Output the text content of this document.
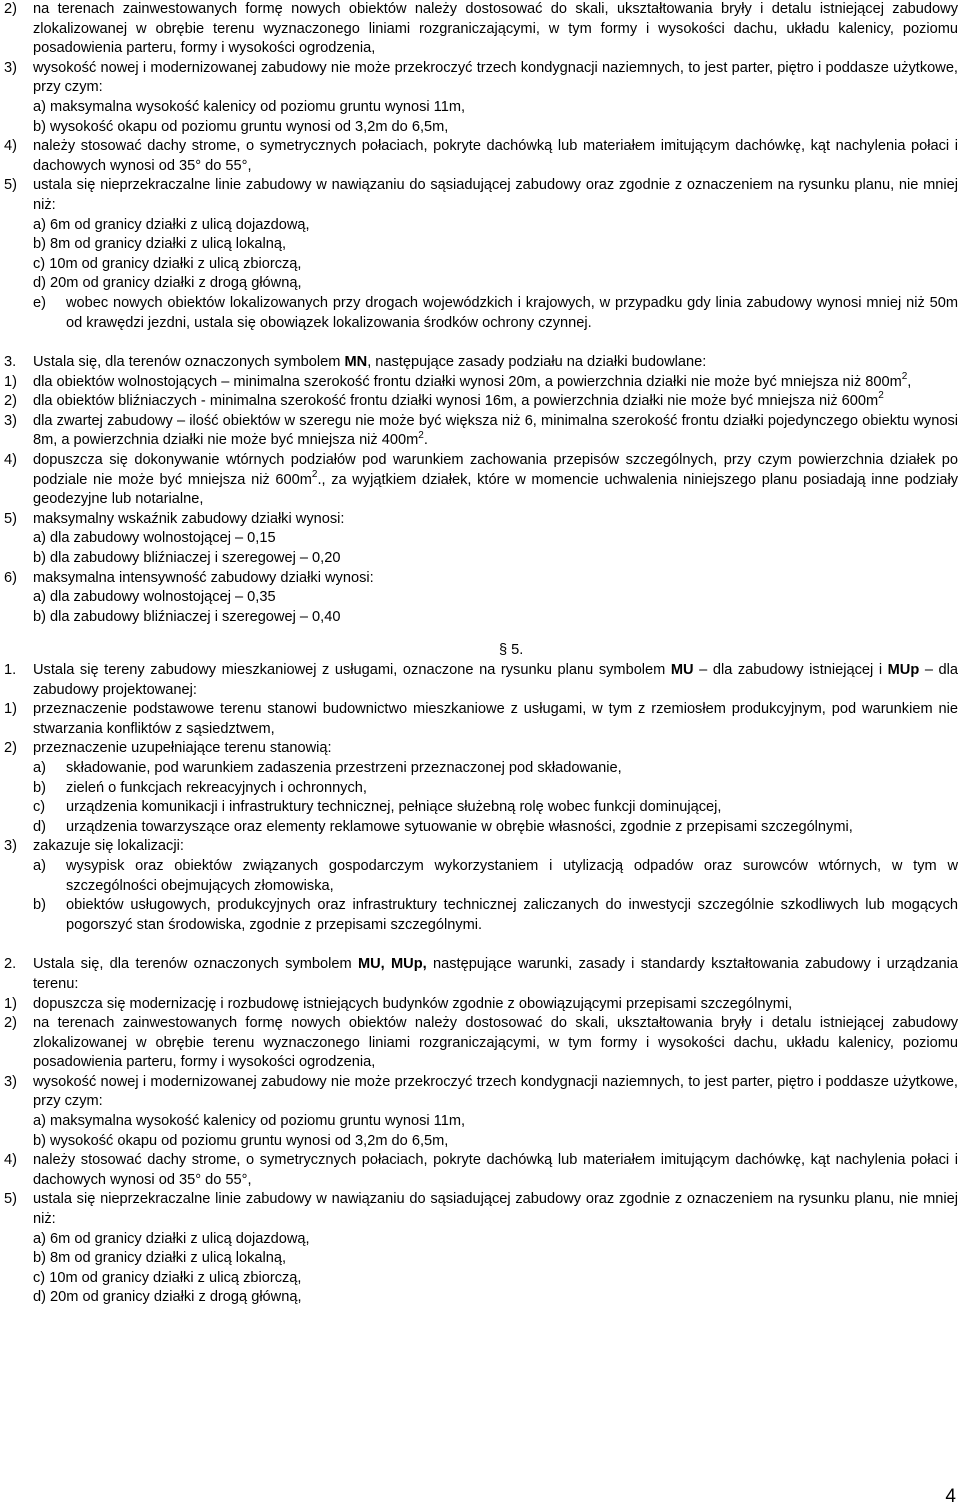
2) na terenach zainwestowanych formę nowych obiektów należy dostosować do skali, ukształtowania bryły i detalu istniejącej zabudowy zlokalizowanej w obrębie terenu wyznaczonego liniami rozgraniczającymi, w tym formy i wysokości dachu, układu kalenicy, poziomu posadowienia parteru, formy i wysokości ogrodzenia,

3) wysokość nowej i modernizowanej zabudowy nie może przekroczyć trzech kondygnacji naziemnych, to jest parter, piętro i poddasze użytkowe, przy czym:

a) maksymalna wysokość kalenicy od poziomu gruntu wynosi 11m,

b) wysokość okapu od poziomu gruntu wynosi od 3,2m do 6,5m,

4) należy stosować dachy strome, o symetrycznych połaciach, pokryte dachówką lub materiałem imitującym dachówkę, kąt nachylenia połaci i dachowych wynosi od 35° do 55°,

5) ustala się nieprzekraczalne linie zabudowy w nawiązaniu do sąsiadującej zabudowy oraz zgodnie z oznaczeniem na rysunku planu, nie mniej niż:

a) 6m od granicy działki z ulicą dojazdową,

b) 8m od granicy działki z ulicą lokalną,

c) 10m od granicy działki z ulicą zbiorczą,

d) 20m od granicy działki z drogą główną,

e) wobec nowych obiektów lokalizowanych przy drogach wojewódzkich i krajowych, w przypadku gdy linia zabudowy wynosi mniej niż 50m od krawędzi jezdni, ustala się obowiązek lokalizowania środków ochrony czynnej.

3. Ustala się, dla terenów oznaczonych symbolem MN, następujące zasady podziału na działki budowlane:

1) dla obiektów wolnostojących – minimalna szerokość frontu działki wynosi 20m, a powierzchnia działki nie może być mniejsza niż $800m^2$,

2) dla obiektów bliźniaczych - minimalna szerokość frontu działki wynosi 16m, a powierzchnia działki nie może być mniejsza niż $600m^2$

3) dla zwartej zabudowy – ilość obiektów w szeregu nie może być większa niż 6, minimalna szerokość frontu działki pojedynczego obiektu wynosi 8m, a powierzchnia działki nie może być mniejsza niż $400m^2$.

4) dopuszcza się dokonywanie wtórnych podziałów pod warunkiem zachowania przepisów szczególnych, przy czym powierzchnia działek po podziale nie może być mniejsza niż $600m^2$., za wyjątkiem działek, które w momencie uchwalenia niniejszego planu posiadają inne podziały geodezyjne lub notarialne,

5) maksymalny wskaźnik zabudowy działki wynosi:

a) dla zabudowy wolnostojącej – 0,15

b) dla zabudowy bliźniaczej i szeregowej – 0,20

6) maksymalna intensywność zabudowy działki wynosi:

a) dla zabudowy wolnostojącej – 0,35

b) dla zabudowy bliźniaczej i szeregowej – 0,40

§ 5.

1. Ustala się tereny zabudowy mieszkaniowej z usługami, oznaczone na rysunku planu symbolem MU – dla zabudowy istniejącej i MUp – dla zabudowy projektowanej:

1) przeznaczenie podstawowe terenu stanowi budownictwo mieszkaniowe z usługami, w tym z rzemiosłem produkcyjnym, pod warunkiem nie stwarzania konfliktów z sąsiedztwem,

2) przeznaczenie uzupełniające terenu stanowią:

a) składowanie, pod warunkiem zadaszenia przestrzeni przeznaczonej pod składowanie,

b) zieleń o funkcjach rekreacyjnych i ochronnych,

c) urządzenia komunikacji i infrastruktury technicznej, pełniące służebną rolę wobec funkcji dominującej,

d) urządzenia towarzyszące oraz elementy reklamowe sytuowanie w obrębie własności, zgodnie z przepisami szczególnymi,

3) zakazuje się lokalizacji:

a) wysypisk oraz obiektów związanych gospodarczym wykorzystaniem i utylizacją odpadów oraz surowców wtórnych, w tym w szczególności obejmujących złomowiska,

b) obiektów usługowych, produkcyjnych oraz infrastruktury technicznej zaliczanych do inwestycji szczególnie szkodliwych lub mogących pogorszyć stan środowiska, zgodnie z przepisami szczególnymi.

2. Ustala się, dla terenów oznaczonych symbolem MU, MUp, następujące warunki, zasady i standardy kształtowania zabudowy i urządzania terenu:

1) dopuszcza się modernizację i rozbudowę istniejących budynków zgodnie z obowiązującymi przepisami szczególnymi,

2) na terenach zainwestowanych formę nowych obiektów należy dostosować do skali, ukształtowania bryły i detalu istniejącej zabudowy zlokalizowanej w obrębie terenu wyznaczonego liniami rozgraniczającymi, w tym formy i wysokości dachu, układu kalenicy, poziomu posadowienia parteru, formy i wysokości ogrodzenia,

3) wysokość nowej i modernizowanej zabudowy nie może przekroczyć trzech kondygnacji naziemnych, to jest parter, piętro i poddasze użytkowe, przy czym:

a) maksymalna wysokość kalenicy od poziomu gruntu wynosi 11m,

b) wysokość okapu od poziomu gruntu wynosi od 3,2m do 6,5m,

4) należy stosować dachy strome, o symetrycznych połaciach, pokryte dachówką lub materiałem imitującym dachówkę, kąt nachylenia połaci i dachowych wynosi od 35° do 55°,

5) ustala się nieprzekraczalne linie zabudowy w nawiązaniu do sąsiadującej zabudowy oraz zgodnie z oznaczeniem na rysunku planu, nie mniej niż:

a) 6m od granicy działki z ulicą dojazdową,

b) 8m od granicy działki z ulicą lokalną,

c) 10m od granicy działki z ulicą zbiorczą,

d) 20m od granicy działki z drogą główną,

4
